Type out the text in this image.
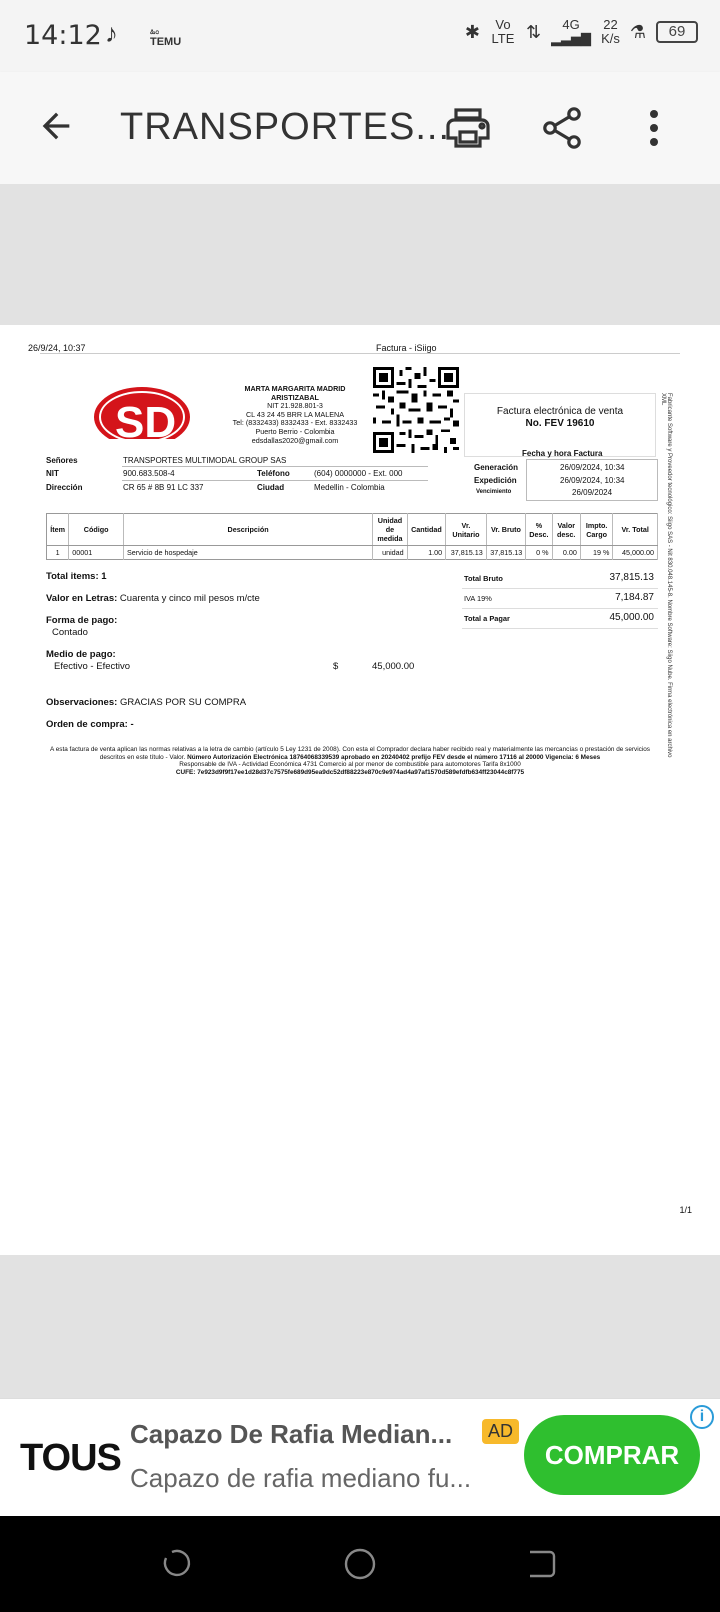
14:12 ♪	ಹಿಂ
TEMU
✱	Vo LTE ⇅	4G
▂▃▅▇
22
K/s ⚗	69
TRANSPORTES...
26/9/24, 10:37	Factura - iSiigo
SD
MARTA MARGARITA MADRID
ARISTIZABAL
NIT 21.928.801-3
CL 43 24 45 BRR LA MALENA
Tel: (8332433) 8332433 - Ext. 8332433
Puerto Berrio - Colombia
edsdallas2020@gmail.com
Factura electrónica de venta
No. FEV 19610
Señores	TRANSPORTES MULTIMODAL GROUP SAS
NIT	900.683.508-4	Teléfono	(604) 0000000 - Ext. 000
Dirección	CR 65 # 8B 91 LC 337	Ciudad	Medellin - Colombia
Fecha y hora Factura
Generación	26/09/2024, 10:34
Expedición	26/09/2024, 10:34
Vencimiento	26/09/2024
Ítem	Código	Descripción	Unidad de medida	Cantidad	Vr. Unitario	Vr. Bruto	% Desc.	Valor desc.	Impto. Cargo	Vr. Total
1	00001	Servicio de hospedaje	unidad	1.00	37,815.13	37,815.13	0 %	0.00	19 %	45,000.00
Total items: 1
Valor en Letras: Cuarenta y cinco mil pesos m/cte
Forma de pago:
Contado
Medio de pago:
Efectivo - Efectivo	$	45,000.00
Observaciones: GRACIAS POR SU COMPRA
Orden de compra: -
Total Bruto	37,815.13
IVA 19%	7,184.87
Total a Pagar	45,000.00
A esta factura de venta aplican las normas relativas a la letra de cambio (artículo 5 Ley 1231 de 2008). Con esta el Comprador declara haber recibido real y materialmente las mercancías o prestación de servicios descritos en este título - Valor. Número Autorización Electrónica 18764068339539 aprobado en 20240402 prefijo FEV desde el número 17116 al 20000 Vigencia: 6 Meses
Responsable de IVA - Actividad Económica 4731 Comercio al por menor de combustible para automotores Tarifa 8x1000
CUFE: 7e923d9f9f17ee1d28d37c7575fe689d95ea9dc52df88223e870c9e974ad4a97af1570d589efdfb634ff23044c8f775
Fabricante Software y Proveedor tecnológico: Siigo SAS - Nit 830.048.145-8. Nombre Software: Siigo Nube. Firma electrónica en archivo XML
1/1
TOUS
Capazo De Rafia Median...
Capazo de rafia mediano fu...
AD
COMPRAR
i
